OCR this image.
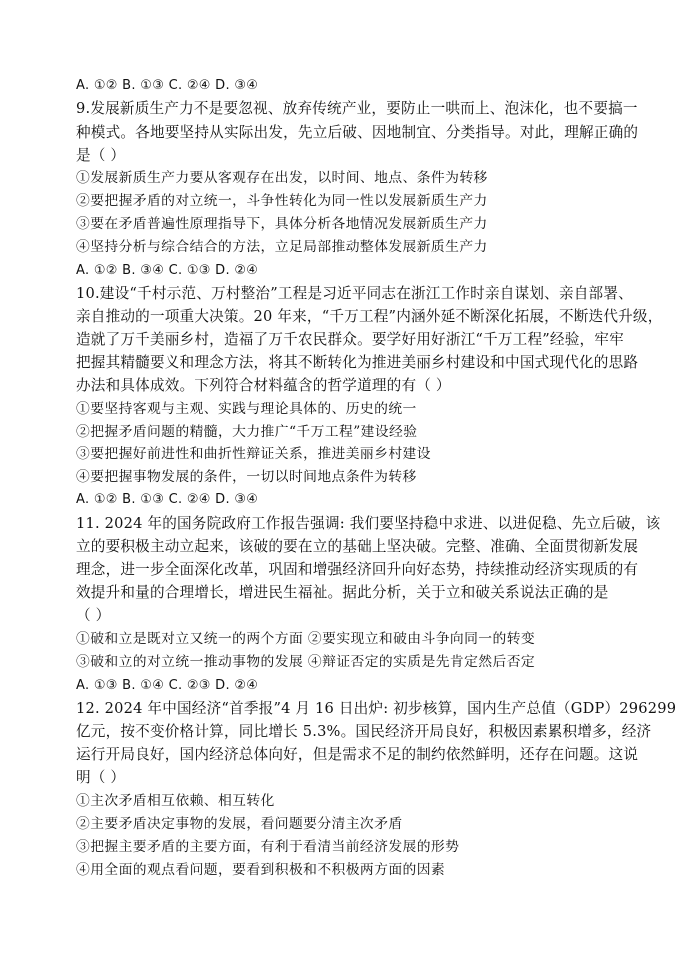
A. ①② B. ①③ C. ②④ D. ③④
9.发展新质生产力不是要忽视、放弃传统产业，要防止一哄而上、泡沫化，也不要搞一
种模式。各地要坚持从实际出发，先立后破、因地制宜、分类指导。对此，理解正确的
是（ ）
①发展新质生产力要从客观存在出发，以时间、地点、条件为转移
②要把握矛盾的对立统一，斗争性转化为同一性以发展新质生产力
③要在矛盾普遍性原理指导下，具体分析各地情况发展新质生产力
④坚持分析与综合结合的方法，立足局部推动整体发展新质生产力
A. ①② B. ③④ C. ①③ D. ②④
10.建设“千村示范、万村整治”工程是习近平同志在浙江工作时亲自谋划、亲自部署、
亲自推动的一项重大决策。20 年来，“千万工程”内涵外延不断深化拓展，不断迭代升级，
造就了万千美丽乡村，造福了万千农民群众。要学好用好浙江“千万工程”经验，牢牢
把握其精髓要义和理念方法，将其不断转化为推进美丽乡村建设和中国式现代化的思路
办法和具体成效。下列符合材料蕴含的哲学道理的有（ ）
①要坚持客观与主观、实践与理论具体的、历史的统一
②把握矛盾问题的精髓，大力推广“千万工程”建设经验
③要把握好前进性和曲折性辩证关系，推进美丽乡村建设
④要把握事物发展的条件，一切以时间地点条件为转移
A. ①② B. ①③ C. ②④ D. ③④
11. 2024 年的国务院政府工作报告强调: 我们要坚持稳中求进、以进促稳、先立后破，该
立的要积极主动立起来，该破的要在立的基础上坚决破。完整、准确、全面贯彻新发展
理念，进一步全面深化改革，巩固和增强经济回升向好态势，持续推动经济实现质的有
效提升和量的合理增长，增进民生福祉。据此分析，关于立和破关系说法正确的是
（ ）
①破和立是既对立又统一的两个方面 ②要实现立和破由斗争向同一的转变
③破和立的对立统一推动事物的发展 ④辩证否定的实质是先肯定然后否定
A. ①③ B. ①④ C. ②③ D. ②④
12. 2024 年中国经济“首季报”4 月 16 日出炉: 初步核算，国内生产总值（GDP）296299
亿元，按不变价格计算，同比增长 5.3%。国民经济开局良好，积极因素累积增多，经济
运行开局良好，国内经济总体向好，但是需求不足的制约依然鲜明，还存在问题。这说
明（ ）
①主次矛盾相互依赖、相互转化
②主要矛盾决定事物的发展，看问题要分清主次矛盾
③把握主要矛盾的主要方面，有利于看清当前经济发展的形势
④用全面的观点看问题，要看到积极和不积极两方面的因素
